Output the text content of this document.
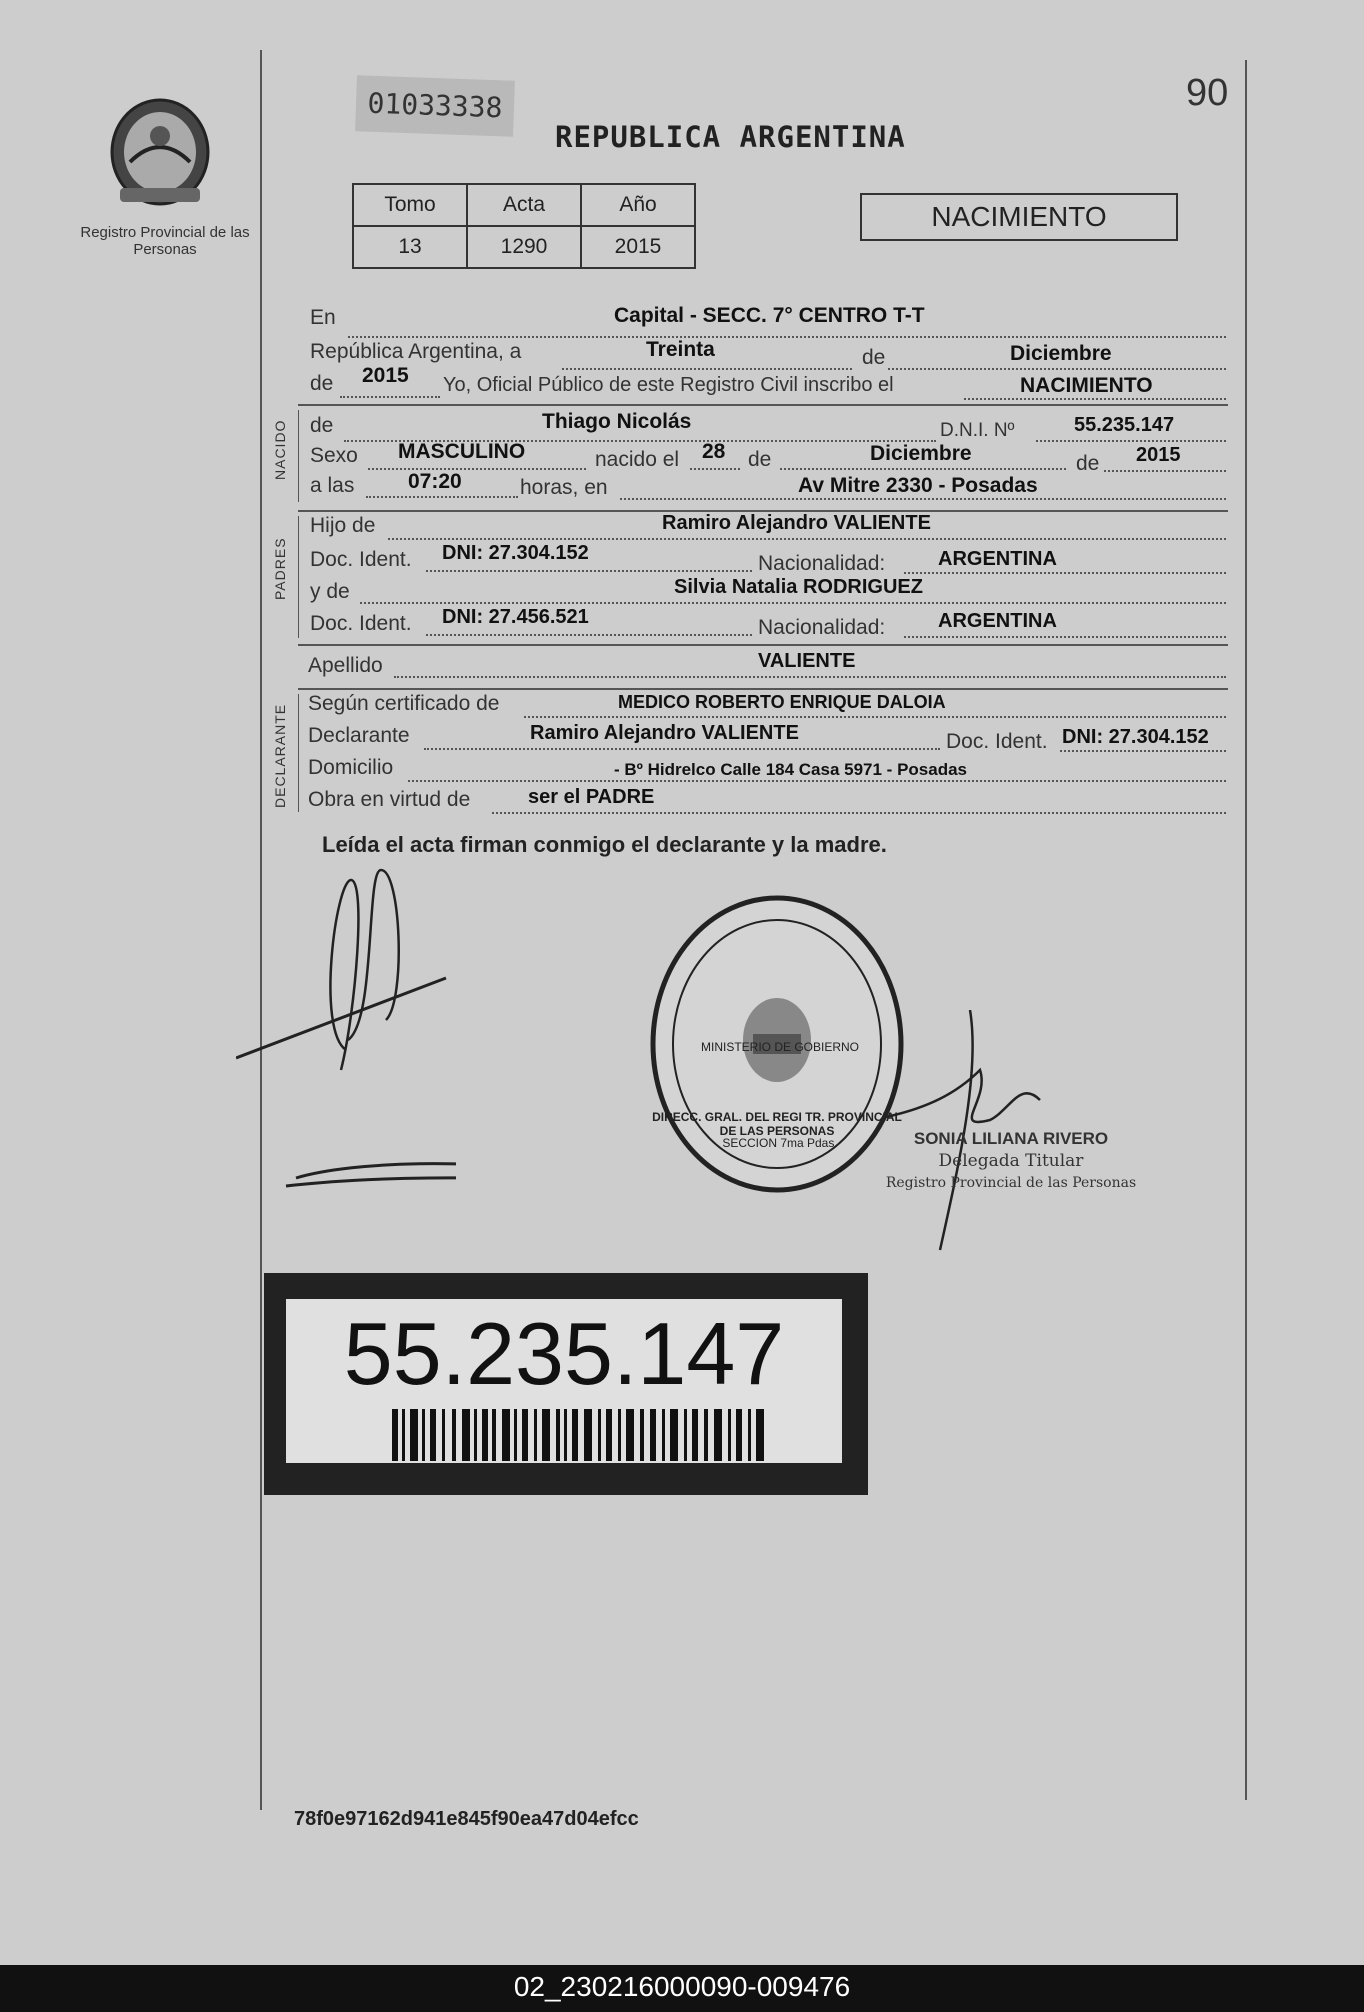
Registro Provincial de las Personas
01033338	90
REPUBLICA ARGENTINA
Tomo	Acta	Año
13	1290	2015
NACIMIENTO
En	Capital - SECC. 7° CENTRO T-T
República Argentina, a	Treinta	de	Diciembre
de 2015 Yo, Oficial Público de este Registro Civil inscribo el	NACIMIENTO
NACIDO de	Thiago Nicolás	D.N.I. Nº	55.235.147
Sexo MASCULINO	nacido el 28 de	Diciembre	de 2015
a las	07:20	horas, en	Av Mitre 2330 - Posadas
PADRES
Hijo de	Ramiro Alejandro VALIENTE
Doc. Ident. DNI: 27.304.152	Nacionalidad:	ARGENTINA
y de	Silvia Natalia RODRIGUEZ
Doc. Ident. DNI: 27.456.521	Nacionalidad:	ARGENTINA
Apellido	VALIENTE
DECLARANTE
Según certificado de	MEDICO ROBERTO ENRIQUE DALOIA
Declarante	Ramiro Alejandro VALIENTE	Doc. Ident. DNI: 27.304.152
Domicilio	- Bº Hidrelco Calle 184 Casa 5971 - Posadas
Obra en virtud de	ser el PADRE
Leída el acta firman conmigo el declarante y la madre.
MINISTERIO DE GOBIERNO
DIRECC. GRAL. DEL REGI TR. PROVINCIAL DE LAS PERSONAS
SECCION 7ma Pdas.	SONIA LILIANA RIVERO
Delegada Titular
Registro Provincial de las Personas
55.235.147
78f0e97162d941e845f90ea47d04efcc
02_230216000090-009476
